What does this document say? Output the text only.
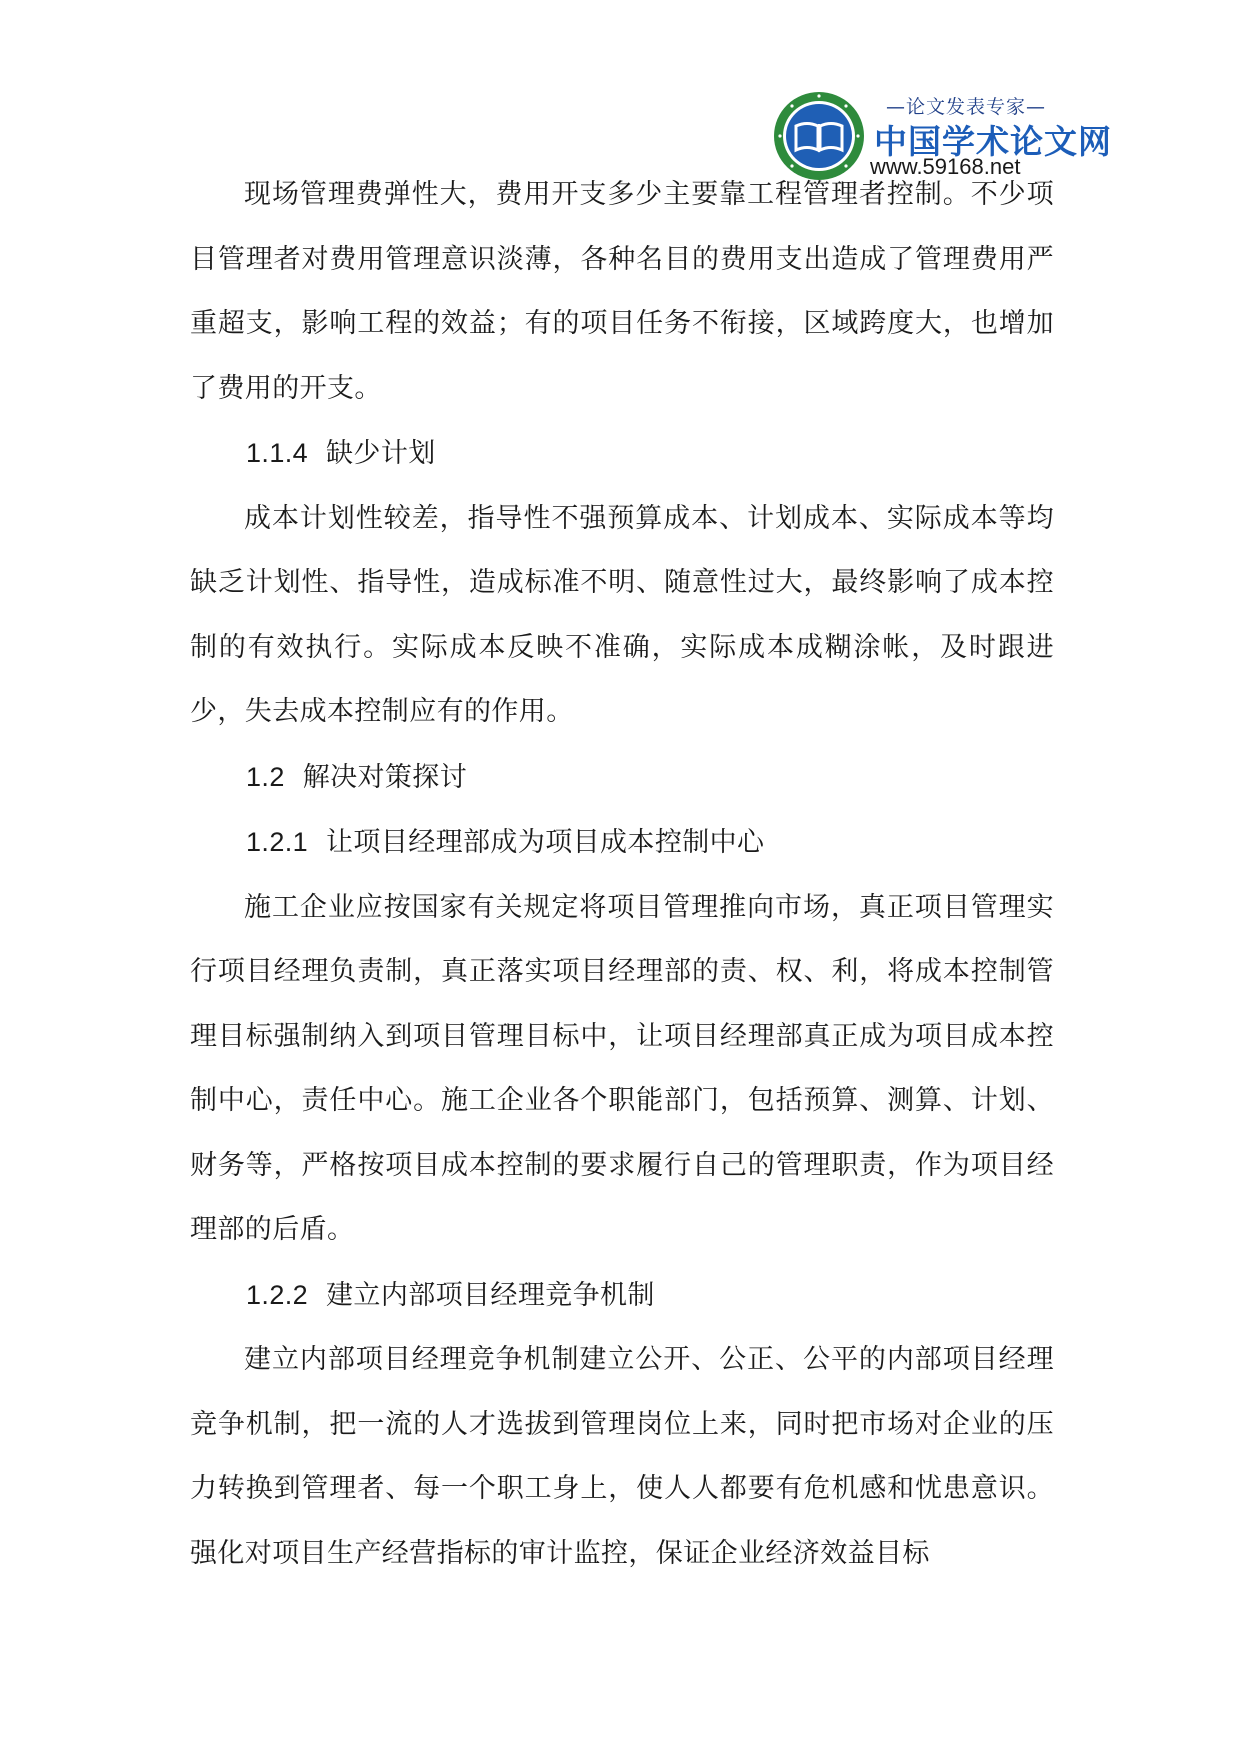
—论文发表专家—
中国学术论文网
www.59168.net

现场管理费弹性大，费用开支多少主要靠工程管理者控制。不少项目管理者对费用管理意识淡薄，各种名目的费用支出造成了管理费用严重超支，影响工程的效益；有的项目任务不衔接，区域跨度大，也增加了费用的开支。

1.1.4 缺少计划

成本计划性较差，指导性不强预算成本、计划成本、实际成本等均缺乏计划性、指导性，造成标准不明、随意性过大，最终影响了成本控制的有效执行。实际成本反映不准确，实际成本成糊涂帐，及时跟进少，失去成本控制应有的作用。

1.2 解决对策探讨

1.2.1 让项目经理部成为项目成本控制中心

施工企业应按国家有关规定将项目管理推向市场，真正项目管理实行项目经理负责制，真正落实项目经理部的责、权、利，将成本控制管理目标强制纳入到项目管理目标中，让项目经理部真正成为项目成本控制中心，责任中心。施工企业各个职能部门，包括预算、测算、计划、财务等，严格按项目成本控制的要求履行自己的管理职责，作为项目经理部的后盾。

1.2.2 建立内部项目经理竞争机制

建立内部项目经理竞争机制建立公开、公正、公平的内部项目经理竞争机制，把一流的人才选拔到管理岗位上来，同时把市场对企业的压力转换到管理者、每一个职工身上，使人人都要有危机感和忧患意识。强化对项目生产经营指标的审计监控，保证企业经济效益目标
